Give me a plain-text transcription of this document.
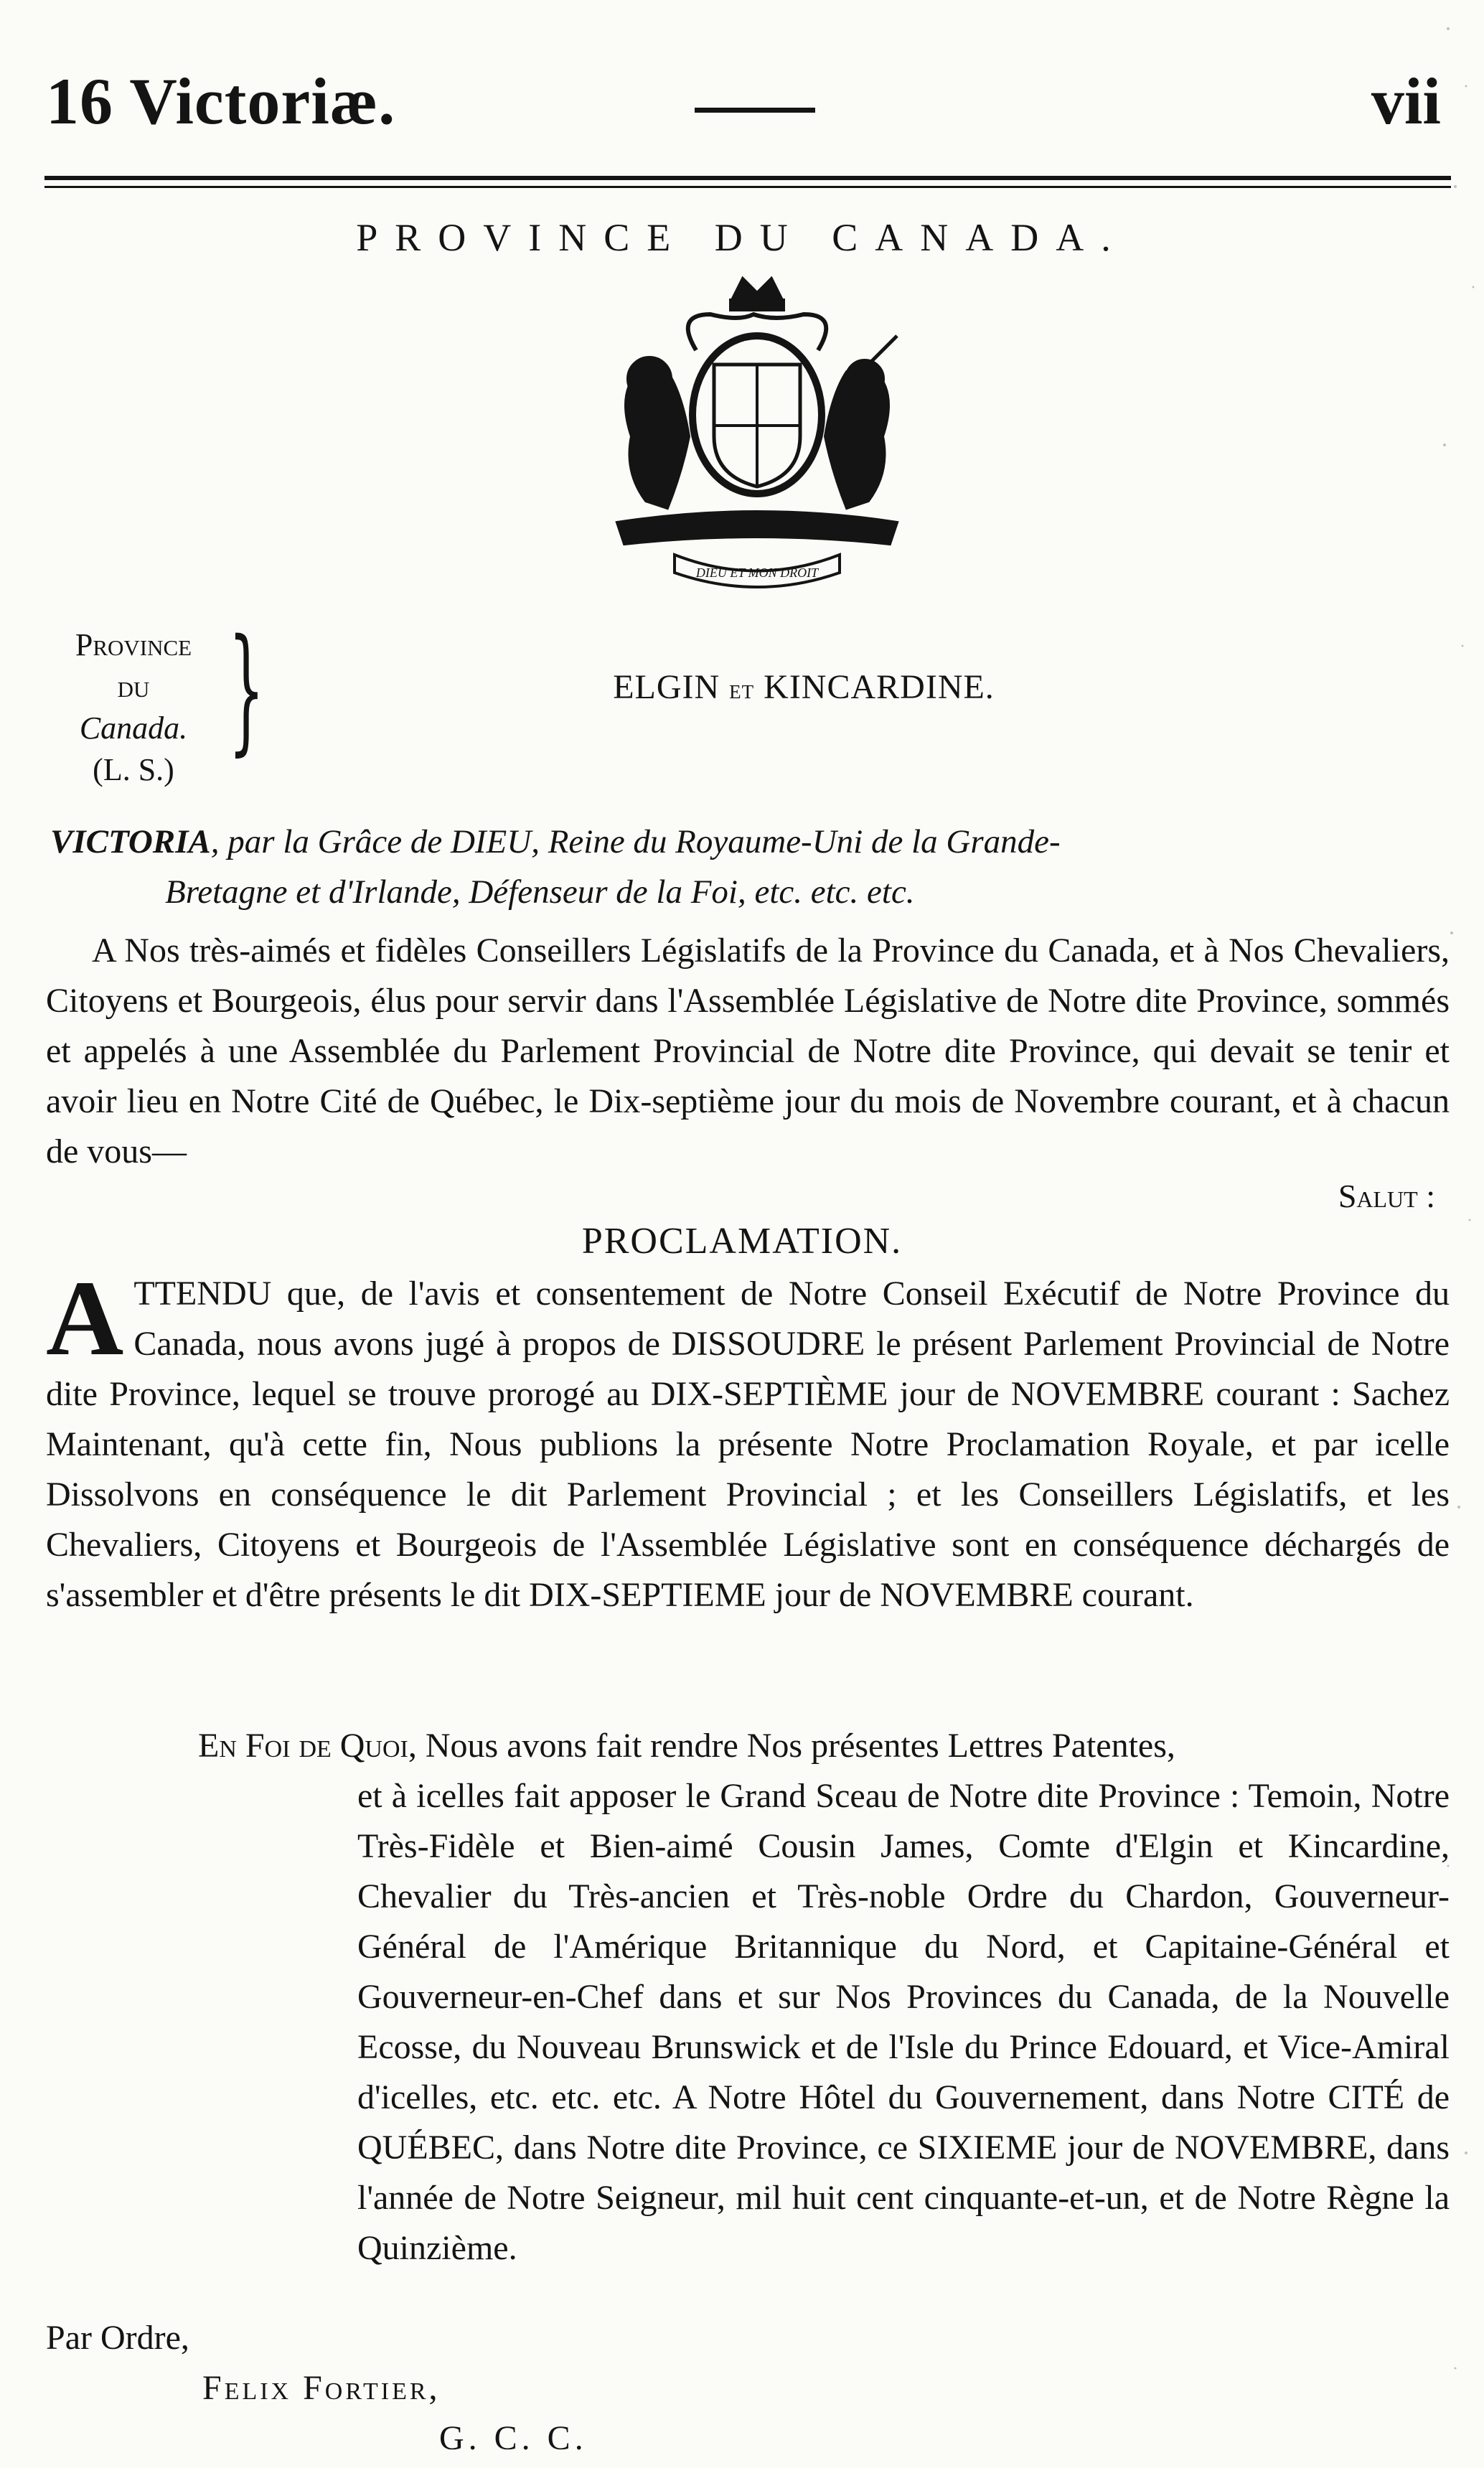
16 Victoriæ.	vii
PROVINCE DU CANADA.
DIEU ET MON DROIT
Province
du
Canada.
(L. S.)
}	ELGIN et KINCARDINE.
VICTORIA, par la Grâce de DIEU, Reine du Royaume-Uni de la Grande-
Bretagne et d'Irlande, Défenseur de la Foi, etc. etc. etc.
A Nos très-aimés et fidèles Conseillers Législatifs de la Province du Canada, et à Nos Chevaliers, Citoyens et Bourgeois, élus pour servir dans l'Assemblée Législative de Notre dite Province, sommés et appelés à une Assemblée du Parlement Provincial de Notre dite Province, qui devait se tenir et avoir lieu en Notre Cité de Québec, le Dix-septième jour du mois de Novembre courant, et à chacun de vous—
Salut :
PROCLAMATION.
A TTENDU que, de l'avis et consentement de Notre Conseil Exécutif de Notre Province du Canada, nous avons jugé à propos de DISSOUDRE le présent Parlement Provincial de Notre dite Province, lequel se trouve prorogé au DIX-SEPTIÈME jour de NOVEMBRE courant : Sachez Maintenant, qu'à cette fin, Nous publions la présente Notre Proclamation Royale, et par icelle Dissolvons en conséquence le dit Parlement Provincial ; et les Conseillers Législatifs, et les Chevaliers, Citoyens et Bourgeois de l'Assemblée Législative sont en conséquence déchargés de s'assembler et d'être présents le dit DIX-SEPTIEME jour de NOVEMBRE courant.
En Foi de Quoi, Nous avons fait rendre Nos présentes Lettres Patentes,
et à icelles fait apposer le Grand Sceau de Notre dite Province : Temoin, Notre Très-Fidèle et Bien-aimé Cousin James, Comte d'Elgin et Kincardine, Chevalier du Très-ancien et Très-noble Ordre du Chardon, Gouverneur-Général de l'Amérique Britannique du Nord, et Capitaine-Général et Gouverneur-en-Chef dans et sur Nos Provinces du Canada, de la Nouvelle Ecosse, du Nouveau Brunswick et de l'Isle du Prince Edouard, et Vice-Amiral d'icelles, etc. etc. etc. A Notre Hôtel du Gouvernement, dans Notre CITÉ de QUÉBEC, dans Notre dite Province, ce SIXIEME jour de NOVEMBRE, dans l'année de Notre Seigneur, mil huit cent cinquante-et-un, et de Notre Règne la Quinzième.
Par Ordre,
Felix Fortier,
G. C. C.
